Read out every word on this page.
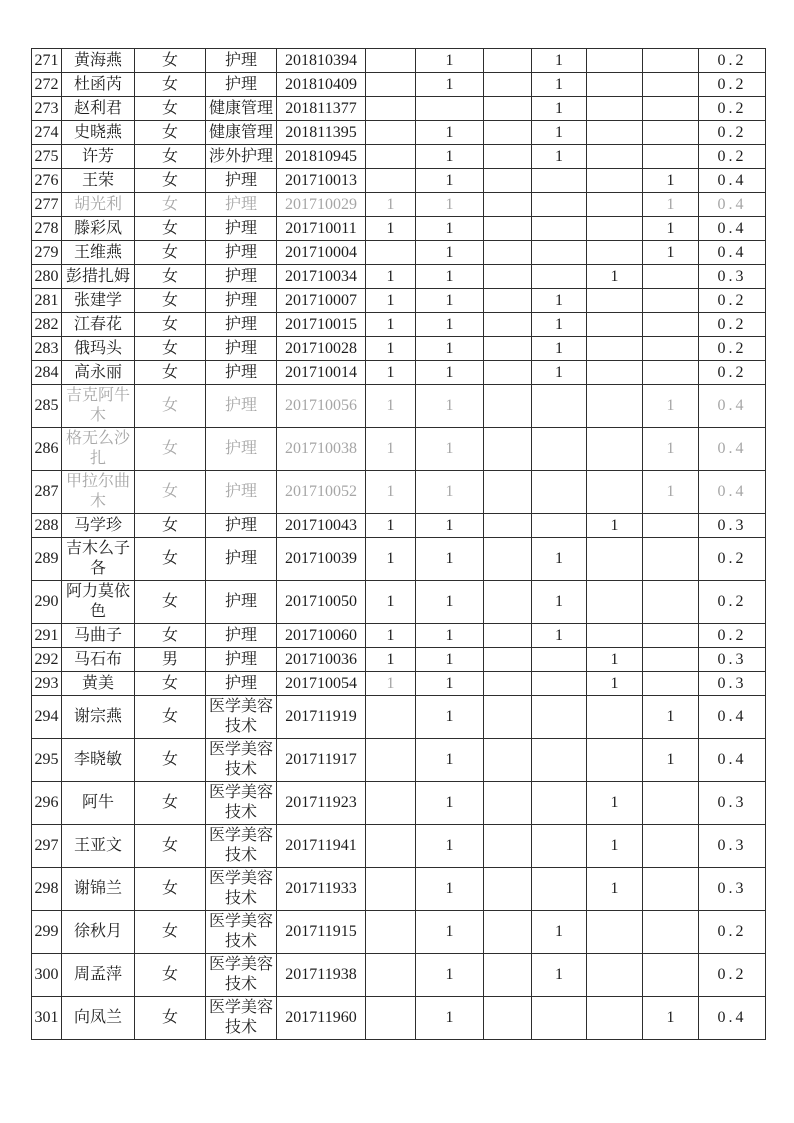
271	黄海燕	女	护理	201810394		1		1			0.2
272	杜函芮	女	护理	201810409		1		1			0.2
273	赵利君	女	健康管理	201811377				1			0.2
274	史晓燕	女	健康管理	201811395		1		1			0.2
275	许芳	女	涉外护理	201810945		1		1			0.2
276	王荣	女	护理	201710013		1				1	0.4
277	胡光利	女	护理	201710029	1	1				1	0.4
278	滕彩凤	女	护理	201710011	1	1				1	0.4
279	王维燕	女	护理	201710004		1				1	0.4
280	彭措扎姆	女	护理	201710034	1	1			1		0.3
281	张建学	女	护理	201710007	1	1		1			0.2
282	江春花	女	护理	201710015	1	1		1			0.2
283	俄玛头	女	护理	201710028	1	1		1			0.2
284	高永丽	女	护理	201710014	1	1		1			0.2
285	吉克阿牛木	女	护理	201710056	1	1				1	0.4
286	格无么沙扎	女	护理	201710038	1	1				1	0.4
287	甲拉尔曲木	女	护理	201710052	1	1				1	0.4
288	马学珍	女	护理	201710043	1	1			1		0.3
289	吉木么子各	女	护理	201710039	1	1		1			0.2
290	阿力莫依色	女	护理	201710050	1	1		1			0.2
291	马曲子	女	护理	201710060	1	1		1			0.2
292	马石布	男	护理	201710036	1	1			1		0.3
293	黄美	女	护理	201710054	1	1			1		0.3
294	谢宗燕	女	医学美容技术	201711919		1				1	0.4
295	李晓敏	女	医学美容技术	201711917		1				1	0.4
296	阿牛	女	医学美容技术	201711923		1			1		0.3
297	王亚文	女	医学美容技术	201711941		1			1		0.3
298	谢锦兰	女	医学美容技术	201711933		1			1		0.3
299	徐秋月	女	医学美容技术	201711915		1		1			0.2
300	周孟萍	女	医学美容技术	201711938		1		1			0.2
301	向凤兰	女	医学美容技术	201711960		1				1	0.4
